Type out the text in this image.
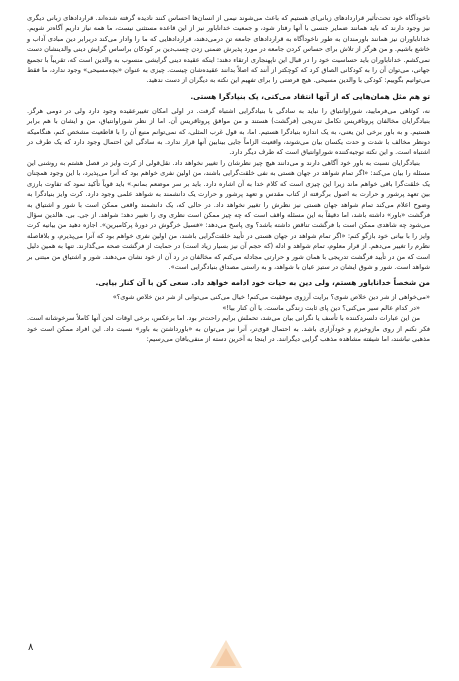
ناخودآگاه خود تحت‌تأثیر قراردادهای زبانی‌ای هستیم که باعث می‌شوند نیمی از انسان‌ها احساس کنند نادیده گرفته شده‌اند. قراردادهای زبانی دیگری نیز وجود دارند که باید همانند ضمایر جنسی با آنها رفتار شود، و جمعیت خداناباور نیز از این قاعده مستثنی نیست، ما همه نیاز داریم آگاه‌تر شویم. خداناباوران نیز همانند باورمندان به طور ناخودآگاه به قراردادهای جامعه تن درمی‌دهند، قراردادهایی که ما را وادار می‌کند دربرابر دین مبادی آداب و خاشع باشیم. و من هرگز از تلاش برای حساس کردن جامعه در مورد پذیرش ضمنی زدن چسب‌دین بر کودکان براساس گرایش دینی والدینشان دست نمی‌کشم. خداناباوران باید حساسیت خود را در قبال این ناپهنجاری ارتقاء دهند: اینکه عقیده دینی گرایشی منسوب به والدین است که، تقریباً با تجمیع جهانی، می‌توان آن را به کودکانی الصاق کرد که کوچکتر از آنند که اصلاً بدانند عقیده‌شان چیست. چیزی به عنوان «بچه‌مسیحی» وجود ندارد، ما فقط می‌توانیم بگوییم: کودکی با والدین مسیحی. هیچ فرضتی را برای تفهیم این نکته به دیگران از دست ندهید.

تو هم مثل همان‌هایی که از آنها انتقاد می‌کنی، یک بنیادگرا هستی.

نه، کوتاهی می‌فرمایید، شوراوانتیاق را نباید به سادگی با بنیادگرایی اشتباه گرفت. در اولی امکان تغییرعقیده وجود دارد ولی در دومی هرگز. بنیادگرایان مخالفان پروتاقریس تکامل تدریجی (فرگشت) هستند و من موافق پروتاقریس آن. اما از نظر شوراوانتیاق، من و ایشان با هم برابر هستیم. و به باور برخی این یعنی، به یک اندازه بنیادگرا هستیم. اما، به قول غرب المثلی، که نمی‌توانم منبع آن را با قاطعیت مشخص کنم، هنگامیکه دونظر مخالف با شدت و حدت یکسان بیان می‌شوند، واقعیت الزاماً جایی بینابین آنها قرار ندارد. به سادگی این احتمال وجود دارد که یک طرف در اشتباه است. و این نکته توجیه‌کننده شوراوانتیاق است که طرف دیگر دارد.

بنیادگرایان نسبت به باور خود آگاهی دارند و می‌دانند هیچ چیز نظرشان را تغییر نخواهد داد. نقل‌قولی از کرت وایز در فصل هشتم به روشنی این مسئله را بیان می‌کند: «اگر تمام شواهد در جهان هستی به نفی خلقت‌گرایی باشند، من اولین نفری خواهم بود که آنرا می‌پذیرد، با این وجود همچنان یک خلقت‌گرا باقی خواهم ماند زیرا این چیزی است که کلام خدا به آن اشاره دارد. باید بر سر موضعم بمانم.» باید قویاً تأکید نمود که تفاوت بارزی بین تعهد پرشور و حرارت به اصول برگرفته از کتاب مقدس و تعهد پرشور و حرارت یک دانشمند به شواهد علمی وجود دارد. کرت وایز بنیادگرا به وضوح اعلام می‌کند تمام شواهد جهان هستی نیز نظرش را تغییر نخواهد داد. در حالی که، یک دانشمند واقعی ممکن است با شور و اشتیاق به فرگشت «باور» داشته باشد، اما دقیقاً به این مسئله واقف است که چه چیز ممکن است نظری وی را تغییر دهد: شواهد. از جی. بی. هالدین سؤال می‌شود چه شاهدی ممکن است با فرگشت تناقض داشته باشد؟ وی پاسخ می‌دهد: «فسیل خرگوش در دورهٔ پرکامبرین». اجازه دهید من بیانیه کرت وایز را با بیانی خود بازگو کنم: «اگر تمام شواهد در جهان هستی در تأیید خلقت‌گرایی باشند، من اولین نفری خواهم بود که آنرا می‌پذیرم، و بلافاصله نظرم را تغییر می‌دهم. از قرار معلوم، تمام شواهد و ادله (که حجم آن نیز بسیار زیاد است) در حمایت از فرگشت صحه می‌گذارند. تنها به همین دلیل است که من در تأیید فرگشت تدریجی با همان شور و حرارتی مجادله می‌کنم که مخالفان در رد آن از خود نشان می‌دهند. شور و اشتیاق من مبتنی بر شواهد است. شور و شوق ایشان در ستیز عیان با شواهد، و به راستی مصداق بنیادگرایی است».

من شخصاً خداناباور هستم، ولی دین به حیات خود ادامه خواهد داد. سعی کن با آن کنار بیایی.

«می‌خواهی از شر دین خلاص شوی؟ برایت آرزوی موفقیت می‌کنم! خیال می‌کنی می‌توانی از شر دین خلاص شوی؟»

«در کدام عالم سیر می‌کنی؟ دین پای ثابت زندگی ماست. با آن کنار بیا!»

من این عبارات دلسردکننده با تأسف یا نگرانی بیان می‌شد، تحملش برایم راحت‌تر بود. اما برعکس، برخی اوقات لحن آنها کاملاً سرخوشانه است. فکر نکنم از روی مازوخیزم و خودآزاری باشد. به احتمال قوی‌تر، آنرا نیز می‌توان به «باورداشتن به باور» نسبت داد. این افراد ممکن است خود مذهبی نباشند، اما شیفته مشاهده مذهب گرایی دیگرانند. در اینجا به آخرین دسته از منفی‌بافان می‌رسیم:

۸
